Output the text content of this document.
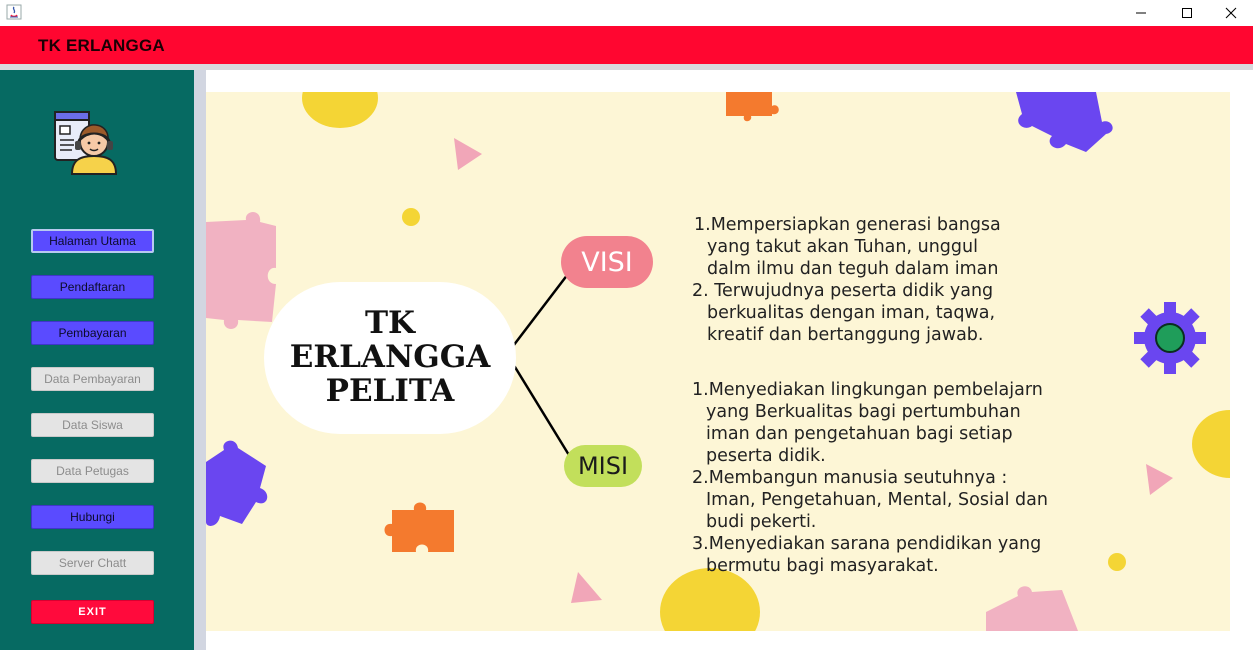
TK ERLANGGA
Halaman Utama
Pendaftaran
Pembayaran
Data Pembayaran
Data Siswa
Data Petugas
Hubungi
Server Chatt
EXIT
TK
ERLANGGA
PELITA
VISI
MISI
1.Mempersiapkan generasi bangsa
yang takut akan Tuhan, unggul
dalm ilmu dan teguh dalam iman
2. Terwujudnya peserta didik yang
berkualitas dengan iman, taqwa,
kreatif dan bertanggung jawab.
1.Menyediakan lingkungan pembelajarn
yang Berkualitas bagi pertumbuhan
iman dan pengetahuan bagi setiap
peserta didik.
2.Membangun manusia seutuhnya :
Iman, Pengetahuan, Mental, Sosial dan
budi pekerti.
3.Menyediakan sarana pendidikan yang
bermutu bagi masyarakat.
